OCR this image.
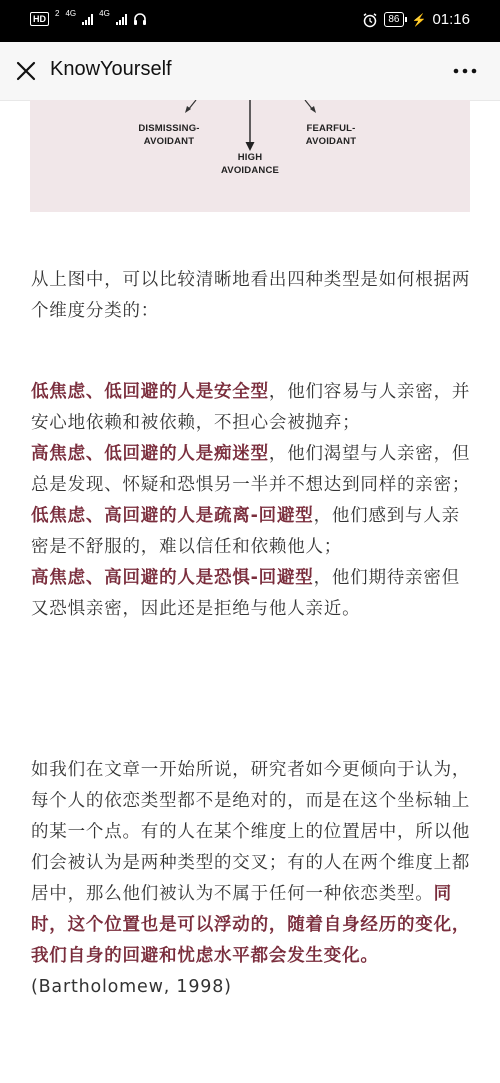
HD
2 4G	4G
86	⚡ 01:16
KnowYourself
DISMISSING-
AVOIDANT
HIGH
AVOIDANCE
FEARFUL-
AVOIDANT
从上图中，可以比较清晰地看出四种类型是如何根据两个维度分类的：
低焦虑、低回避的人是安全型，他们容易与人亲密，并安心地依赖和被依赖，不担心会被抛弃；
高焦虑、低回避的人是痴迷型，他们渴望与人亲密，但总是发现、怀疑和恐惧另一半并不想达到同样的亲密；
低焦虑、高回避的人是疏离-回避型，他们感到与人亲密是不舒服的，难以信任和依赖他人；
高焦虑、高回避的人是恐惧-回避型，他们期待亲密但又恐惧亲密，因此还是拒绝与他人亲近。
如我们在文章一开始所说，研究者如今更倾向于认为，每个人的依恋类型都不是绝对的，而是在这个坐标轴上的某一个点。有的人在某个维度上的位置居中，所以他们会被认为是两种类型的交叉；有的人在两个维度上都居中，那么他们被认为不属于任何一种依恋类型。同时，这个位置也是可以浮动的，随着自身经历的变化，我们自身的回避和忧虑水平都会发生变化。(Bartholomew, 1998)
